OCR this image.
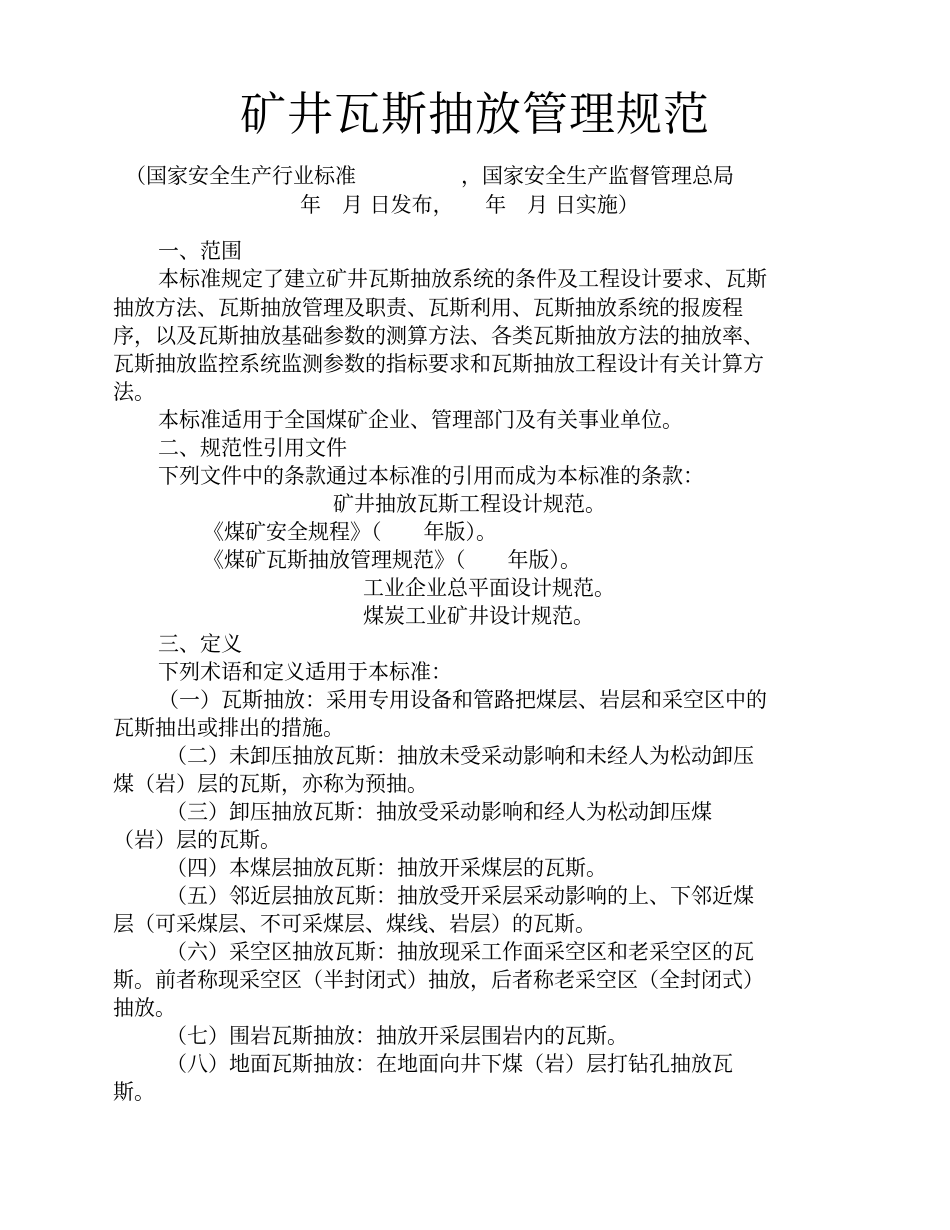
矿井瓦斯抽放管理规范
（国家安全生产行业标准　　　　　，国家安全生产监督管理总局
年　月 日发布，　　年　月 日实施）
一、范围
本标准规定了建立矿井瓦斯抽放系统的条件及工程设计要求、瓦斯
抽放方法、瓦斯抽放管理及职责、瓦斯利用、瓦斯抽放系统的报废程
序，以及瓦斯抽放基础参数的测算方法、各类瓦斯抽放方法的抽放率、
瓦斯抽放监控系统监测参数的指标要求和瓦斯抽放工程设计有关计算方
法。
本标准适用于全国煤矿企业、管理部门及有关事业单位。
二、规范性引用文件
下列文件中的条款通过本标准的引用而成为本标准的条款：
矿井抽放瓦斯工程设计规范。
《煤矿安全规程》（　　年版）。
《煤矿瓦斯抽放管理规范》（　　年版）。
工业企业总平面设计规范。
煤炭工业矿井设计规范。
三、定义
下列术语和定义适用于本标准：
（一）瓦斯抽放：采用专用设备和管路把煤层、岩层和采空区中的
瓦斯抽出或排出的措施。
（二）未卸压抽放瓦斯：抽放未受采动影响和未经人为松动卸压
煤（岩）层的瓦斯，亦称为预抽。
（三）卸压抽放瓦斯：抽放受采动影响和经人为松动卸压煤
（岩）层的瓦斯。
（四）本煤层抽放瓦斯：抽放开采煤层的瓦斯。
（五）邻近层抽放瓦斯：抽放受开采层采动影响的上、下邻近煤
层（可采煤层、不可采煤层、煤线、岩层）的瓦斯。
（六）采空区抽放瓦斯：抽放现采工作面采空区和老采空区的瓦
斯。前者称现采空区（半封闭式）抽放，后者称老采空区（全封闭式）
抽放。
（七）围岩瓦斯抽放：抽放开采层围岩内的瓦斯。
（八）地面瓦斯抽放：在地面向井下煤（岩）层打钻孔抽放瓦
斯。
